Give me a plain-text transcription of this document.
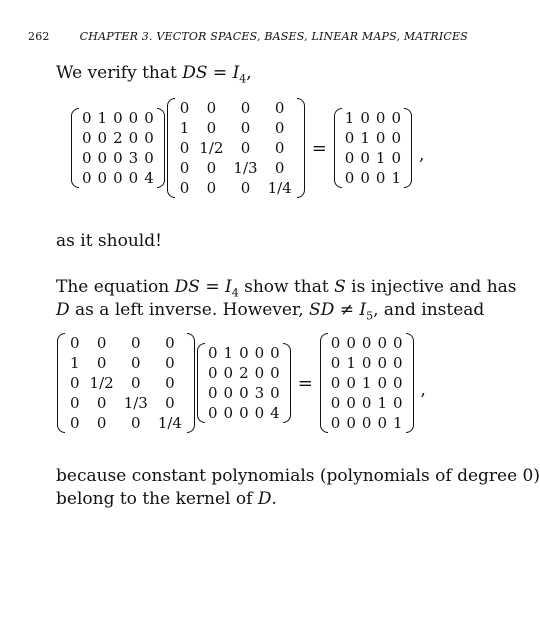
262	CHAPTER 3. VECTOR SPACES, BASES, LINEAR MAPS, MATRICES
We verify that DS = $I_4$,
0	1	0	0	0
0	0	2	0	0
0	0	0	3	0
0	0	0	0	4
0	0	0	0
1	0	0	0
0	1/2	0	0
0	0	1/3	0
0	0	0	1/4
=
1	0	0	0
0	1	0	0
0	0	1	0
0	0	0	1
,
as it should!
The equation DS = $I_4$ show that S is injective and has
D as a left inverse. However, SD ≠ $I_5$, and instead
0	0	0	0
1	0	0	0
0	1/2	0	0
0	0	1/3	0
0	0	0	1/4
0	1	0	0	0
0	0	2	0	0
0	0	0	3	0
0	0	0	0	4
=
0	0	0	0	0
0	1	0	0	0
0	0	1	0	0
0	0	0	1	0
0	0	0	0	1
,
because constant polynomials (polynomials of degree 0)
belong to the kernel of D.
